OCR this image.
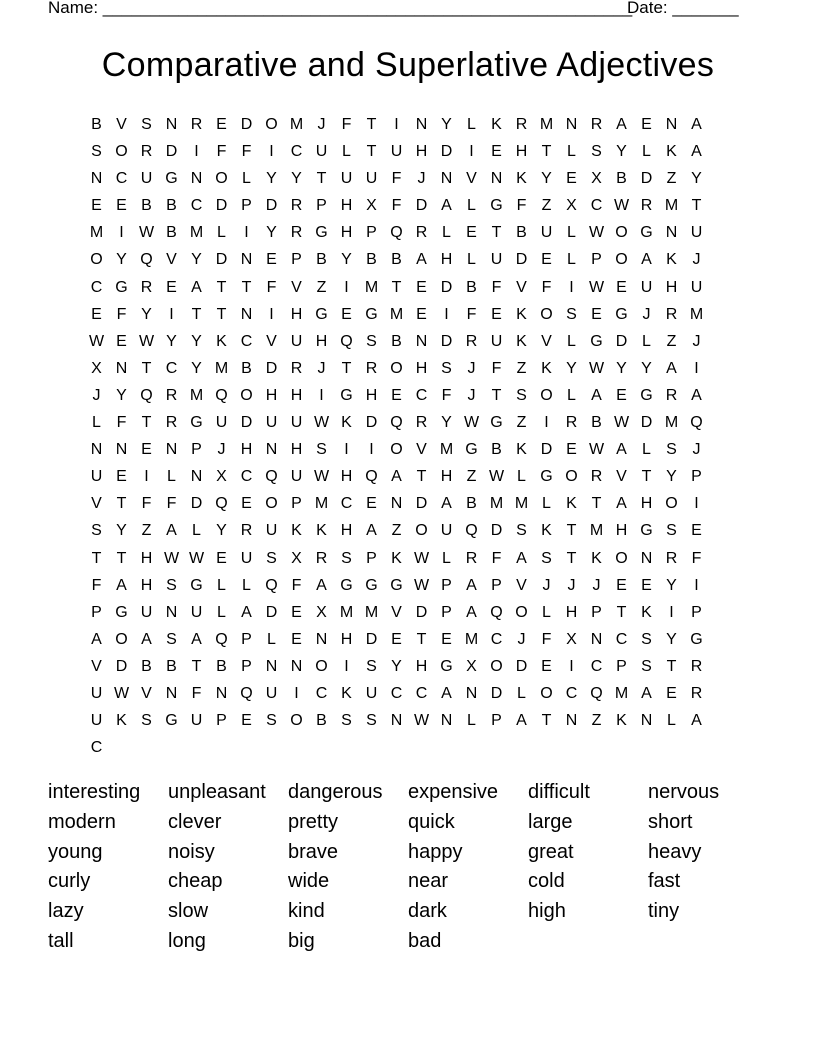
Name: ________________________________________________________
Date: _______
Comparative and Superlative Adjectives
B V S N R E D O M J	F T	I	N Y L K R M N R A E N A
S O R D	I	F F	I	C U L T U H D	I	E H T L S Y L K A
N C U G N O L Y Y T U U F	J N V N K Y E X B D Z Y
E E B B C D P D R P H X F D A L G F Z X C W R M T
M	I W B M L	I	Y R G H P Q R L E T B U L W O G N U
O Y Q V Y D N E P B Y B B A H L U D E L P O A K J
C G R E A T T F V Z	I	M T E D B F V F	I W E U H U
E F Y	I	T T N	I	H G E G M E	I	F E K O S E G J R M
W E W Y Y K C V U H Q S B N D R U K V L G D L Z	J
X N T C Y M B D R J	T R O H S J	F Z K Y W Y Y A	I
J Y Q R M Q O H H	I	G H E C F	J	T S O L A E G R A
L F T R G U D U U W K D Q R Y W G Z	I	R B W D M Q
N N E N P J H N H S	I	I	O V M G B K D E W A L S J
U E	I	L N X C Q U W H Q A T H Z W L G O R V T Y P
V T F F D Q E O P M C E N D A B M M L K T A H O	I
S Y Z A L Y R U K K H A Z O U Q D S K T M H G S E
T T H W W E U S X R S P K W L R F A S T K O N R F
F A H S G L	L Q F A G G G W P A P V J	J	J E E Y	I
P G U N U L A D E X M M V D P A Q O L H P T K	I	P
A O A S A Q P L E N H D E T E M C J	F X N C S Y G
V D B B T B P N N O	I	S Y H G X O D E	I	C P S T R
U W V N F N Q U	I	C K U C C A N D L O C Q M A E R
U K S G U P E S O B S S N W N L P A T N Z K N L A
C
interesting	unpleasant	dangerous	expensive	difficult	nervous
modern	clever	pretty	quick	large	short
young	noisy	brave	happy	great	heavy
curly	cheap	wide	near	cold	fast
lazy	slow	kind	dark	high	tiny
tall	long	big	bad
